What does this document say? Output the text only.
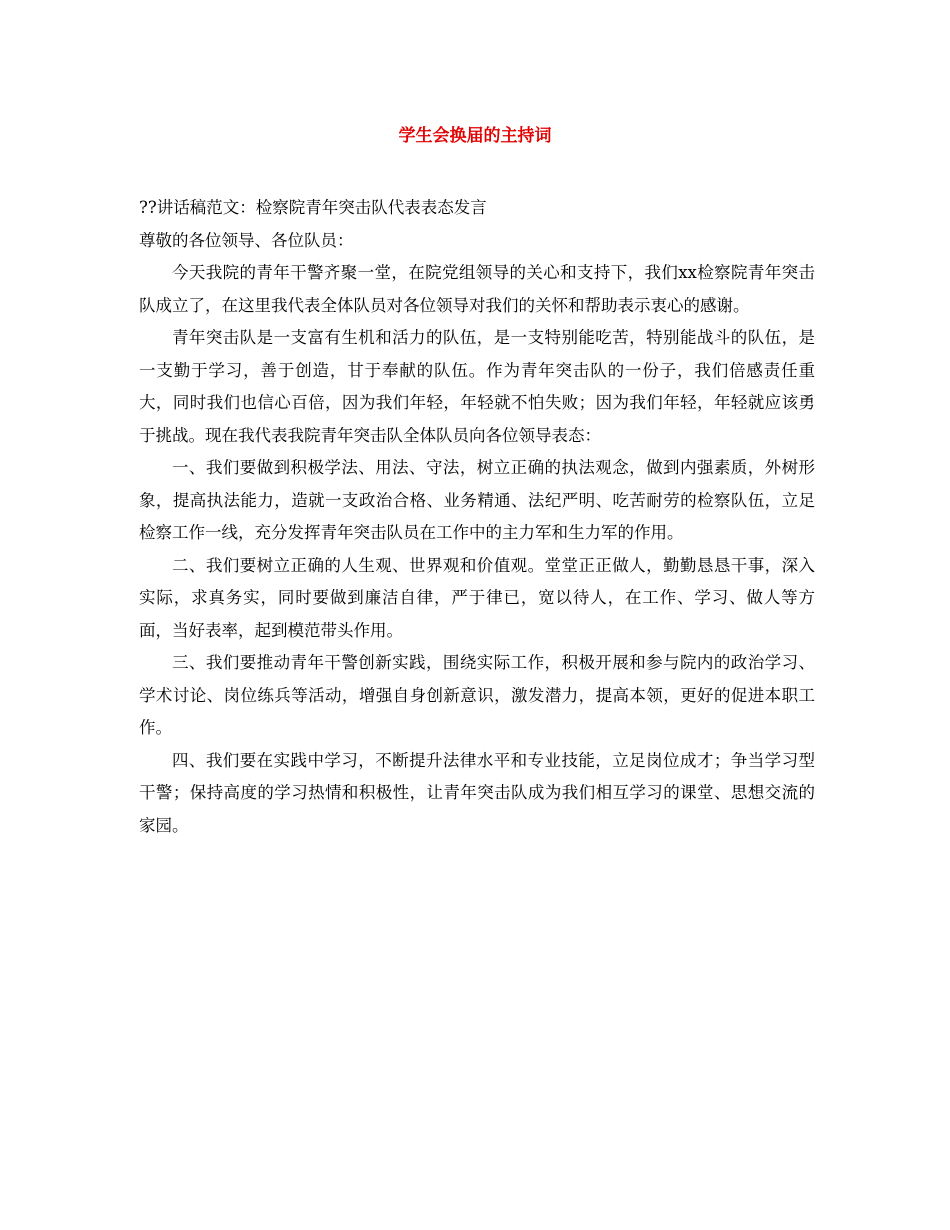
学生会换届的主持词

??讲话稿范文：检察院青年突击队代表表态发言

尊敬的各位领导、各位队员：

今天我院的青年干警齐聚一堂，在院党组领导的关心和支持下，我们xx检察院青年突击队成立了，在这里我代表全体队员对各位领导对我们的关怀和帮助表示衷心的感谢。

青年突击队是一支富有生机和活力的队伍，是一支特别能吃苦，特别能战斗的队伍，是一支勤于学习，善于创造，甘于奉献的队伍。作为青年突击队的一份子，我们倍感责任重大，同时我们也信心百倍，因为我们年轻，年轻就不怕失败；因为我们年轻，年轻就应该勇于挑战。现在我代表我院青年突击队全体队员向各位领导表态：

一、我们要做到积极学法、用法、守法，树立正确的执法观念，做到内强素质，外树形象，提高执法能力，造就一支政治合格、业务精通、法纪严明、吃苦耐劳的检察队伍，立足检察工作一线，充分发挥青年突击队员在工作中的主力军和生力军的作用。

二、我们要树立正确的人生观、世界观和价值观。堂堂正正做人，勤勤恳恳干事，深入实际，求真务实，同时要做到廉洁自律，严于律已，宽以待人，在工作、学习、做人等方面，当好表率，起到模范带头作用。

三、我们要推动青年干警创新实践，围绕实际工作，积极开展和参与院内的政治学习、学术讨论、岗位练兵等活动，增强自身创新意识，激发潜力，提高本领，更好的促进本职工作。

四、我们要在实践中学习，不断提升法律水平和专业技能，立足岗位成才；争当学习型干警；保持高度的学习热情和积极性，让青年突击队成为我们相互学习的课堂、思想交流的家园。
